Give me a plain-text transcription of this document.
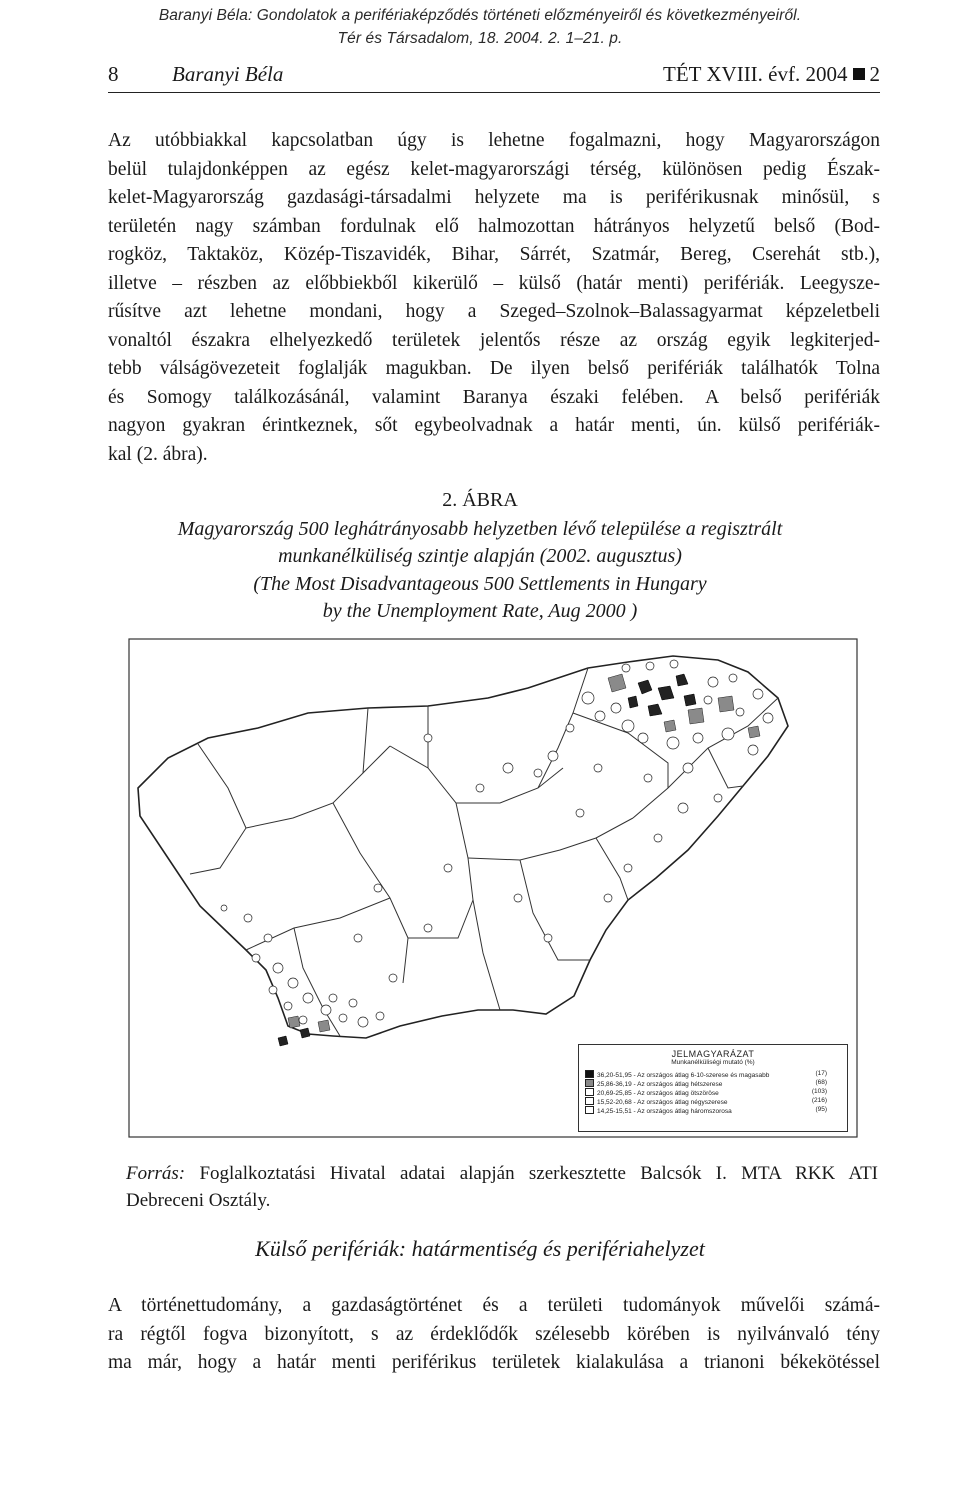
Baranyi Béla: Gondolatok a perifériaképződés történeti előzményeiről és következményeiről.
Tér és Társadalom, 18. 2004. 2. 1–21. p.
8	Baranyi Béla	TÉT XVIII. évf. 2004 2
Az utóbbiakkal kapcsolatban úgy is lehetne fogalmazni, hogy Magyarországon
belül tulajdonképpen az egész kelet-magyarországi térség, különösen pedig Észak-
kelet-Magyarország gazdasági-társadalmi helyzete ma is periférikusnak minősül, s
területén nagy számban fordulnak elő halmozottan hátrányos helyzetű belső (Bod-
rogköz, Taktaköz, Közép-Tiszavidék, Bihar, Sárrét, Szatmár, Bereg, Cserehát stb.),
illetve – részben az előbbiekből kikerülő – külső (határ menti) perifériák. Leegysze-
rűsítve azt lehetne mondani, hogy a Szeged–Szolnok–Balassagyarmat képzeletbeli
vonaltól északra elhelyezkedő területek jelentős része az ország egyik legkiterjed-
tebb válságövezeteit foglalják magukban. De ilyen belső perifériák találhatók Tolna
és Somogy találkozásánál, valamint Baranya északi felében. A belső perifériák
nagyon gyakran érintkeznek, sőt egybeolvadnak a határ menti, ún. külső perifériák-
kal (2. ábra).
2. ÁBRA
Magyarország 500 leghátrányosabb helyzetben lévő települése a regisztrált
munkanélküliség szintje alapján (2002. augusztus)
(The Most Disadvantageous 500 Settlements in Hungary
by the Unemployment Rate, Aug 2000 )
JELMAGYARÁZAT
Munkanélküliségi mutató (%)
36,20-51,95 - Az országos átlag 6-10-szerese és magasabb	(17)
25,86-36,19 - Az országos átlag hétszerese	(68)
20,69-25,85 - Az országos átlag ötszöröse	(103)
15,52-20,68 - Az országos átlag négyszerese	(216)
14,25-15,51 - Az országos átlag háromszorosa	(95)
Forrás: Foglalkoztatási Hivatal adatai alapján szerkesztette Balcsók I. MTA RKK ATI
Debreceni Osztály.
Külső perifériák: határmentiség és perifériahelyzet
A történettudomány, a gazdaságtörténet és a területi tudományok művelői számá-
ra régtől fogva bizonyított, s az érdeklődők szélesebb körében is nyilvánvaló tény
ma már, hogy a határ menti periférikus területek kialakulása a trianoni békekötéssel
